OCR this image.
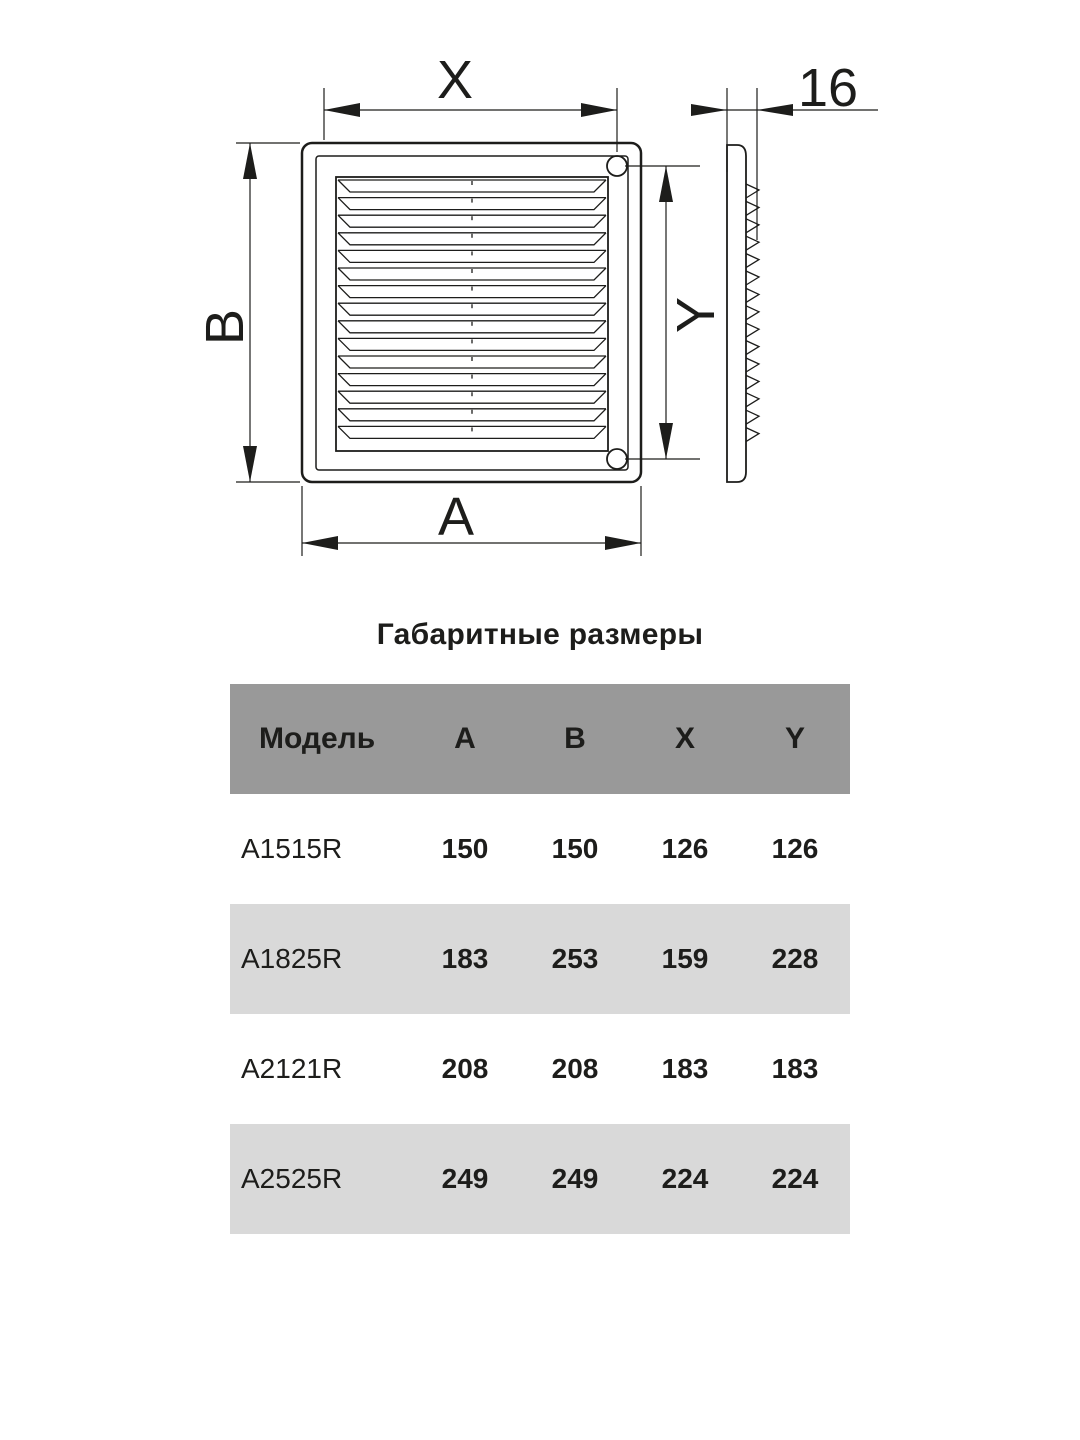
X
A
B	Y
16
Габаритные размеры
Модель	A	B	X	Y
A1515R	150	150	126	126
A1825R	183	253	159	228
A2121R	208	208	183	183
A2525R	249	249	224	224
